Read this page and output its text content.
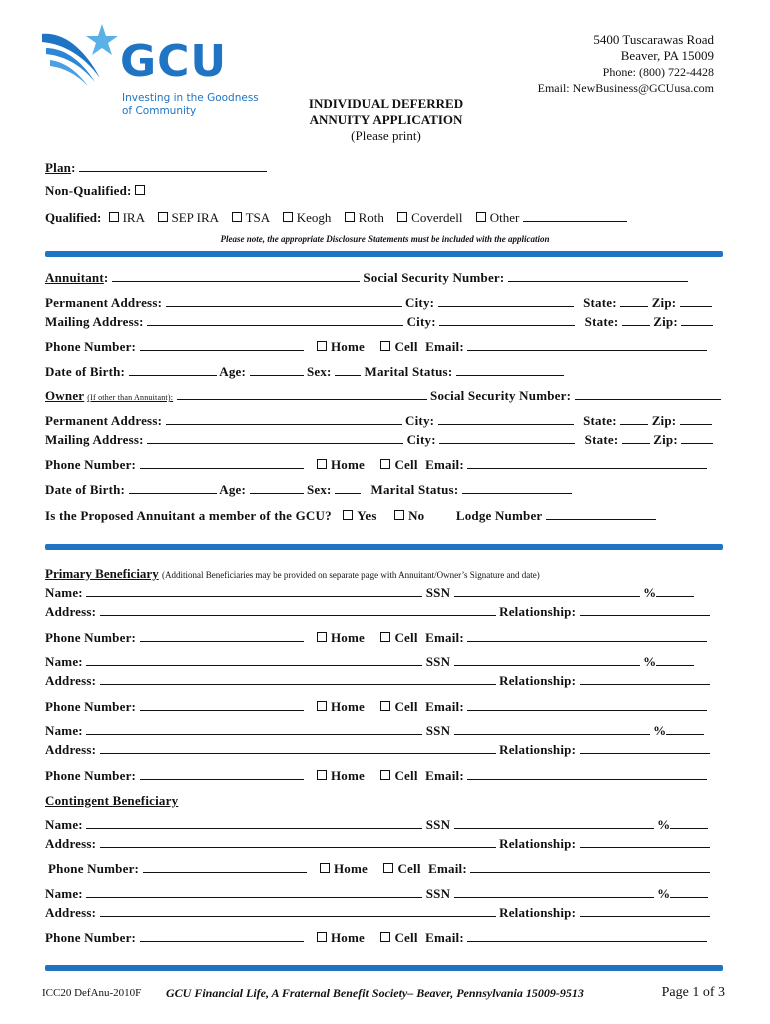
GCU
Investing in the Goodness
of Community
5400 Tuscarawas Road
Beaver, PA 15009
Phone: (800) 722-4428
Email: NewBusiness@GCUusa.com
INDIVIDUAL DEFERRED
ANNUITY APPLICATION
(Please print)
Plan:
Non-Qualified:
Qualified: IRA SEP IRA TSA Keogh Roth Coverdell Other
Please note, the appropriate Disclosure Statements must be included with the application
Annuitant:	Social Security Number:
Permanent Address:	City:	State:	Zip:
Mailing Address:	City:	State:	Zip:
Phone Number:	Home Cell Email:
Date of Birth:	Age:	Sex:	Marital Status:
Owner (If other than Annuitant):	Social Security Number:
Permanent Address:	City:	State:	Zip:
Mailing Address:	City:	State:	Zip:
Phone Number:	Home Cell Email:
Date of Birth:	Age:	Sex:	Marital Status:
Is the Proposed Annuitant a member of the GCU? Yes No Lodge Number
Primary Beneficiary (Additional Beneficiaries may be provided on separate page with Annuitant/Owner’s Signature and date)
Name:	SSN	%
Address:	Relationship:
Phone Number:	Home Cell Email:
Name:	SSN	%
Address:	Relationship:
Phone Number:	Home Cell Email:
Name:	SSN	%
Address:	Relationship:
Phone Number:	Home Cell Email:
Contingent Beneficiary
Name:	SSN	%
Address:	Relationship:
Phone Number:	Home Cell Email:
Name:	SSN	%
Address:	Relationship:
Phone Number:	Home Cell Email:
ICC20 DefAnu-2010F GCU Financial Life, A Fraternal Benefit Society– Beaver, Pennsylvania 15009-9513	Page 1 of 3
